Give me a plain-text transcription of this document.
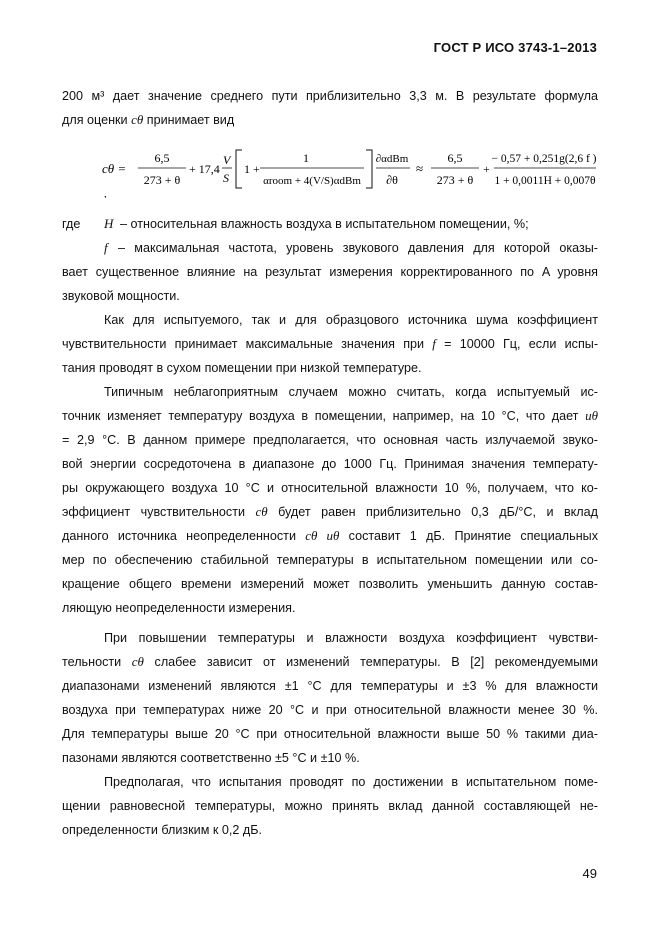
ГОСТ Р ИСО 3743-1–2013
200 м³ дает значение среднего пути приблизительно 3,3 м. В результате формула
для оценки cθ принимает вид
cθ =
6,5
273 + θ
+ 17,4
V
S
1 +
1
αroom + 4(V/S)αdBm
∂αdBm
∂θ
≈
6,5
273 + θ
+
− 0,57 + 0,251g(2,6 f )
1 + 0,0011H + 0,007θ
,
где H – относительная влажность воздуха в испытательном помещении, %;
f – максимальная частота, уровень звукового давления для которой оказы-
вает существенное влияние на результат измерения корректированного по A уровня
звуковой мощности.
Как для испытуемого, так и для образцового источника шума коэффициент
чувствительности принимает максимальные значения при f = 10000 Гц, если испы-
тания проводят в сухом помещении при низкой температуре.
Типичным неблагоприятным случаем можно считать, когда испытуемый ис-
точник изменяет температуру воздуха в помещении, например, на 10 °С, что дает uθ
= 2,9 °С. В данном примере предполагается, что основная часть излучаемой звуко-
вой энергии сосредоточена в диапазоне до 1000 Гц. Принимая значения температу-
ры окружающего воздуха 10 °С и относительной влажности 10 %, получаем, что ко-
эффициент чувствительности cθ будет равен приблизительно 0,3 дБ/°С, и вклад
данного источника неопределенности cθ uθ составит 1 дБ. Принятие специальных
мер по обеспечению стабильной температуры в испытательном помещении или со-
кращение общего времени измерений может позволить уменьшить данную состав-
ляющую неопределенности измерения.
При повышении температуры и влажности воздуха коэффициент чувстви-
тельности cθ слабее зависит от изменений температуры. В [2] рекомендуемыми
диапазонами изменений являются ±1 °С для температуры и ±3 % для влажности
воздуха при температурах ниже 20 °С и при относительной влажности менее 30 %.
Для температуры выше 20 °С при относительной влажности выше 50 % такими диа-
пазонами являются соответственно ±5 °С и ±10 %.
Предполагая, что испытания проводят по достижении в испытательном поме-
щении равновесной температуры, можно принять вклад данной составляющей не-
определенности близким к 0,2 дБ.
49
